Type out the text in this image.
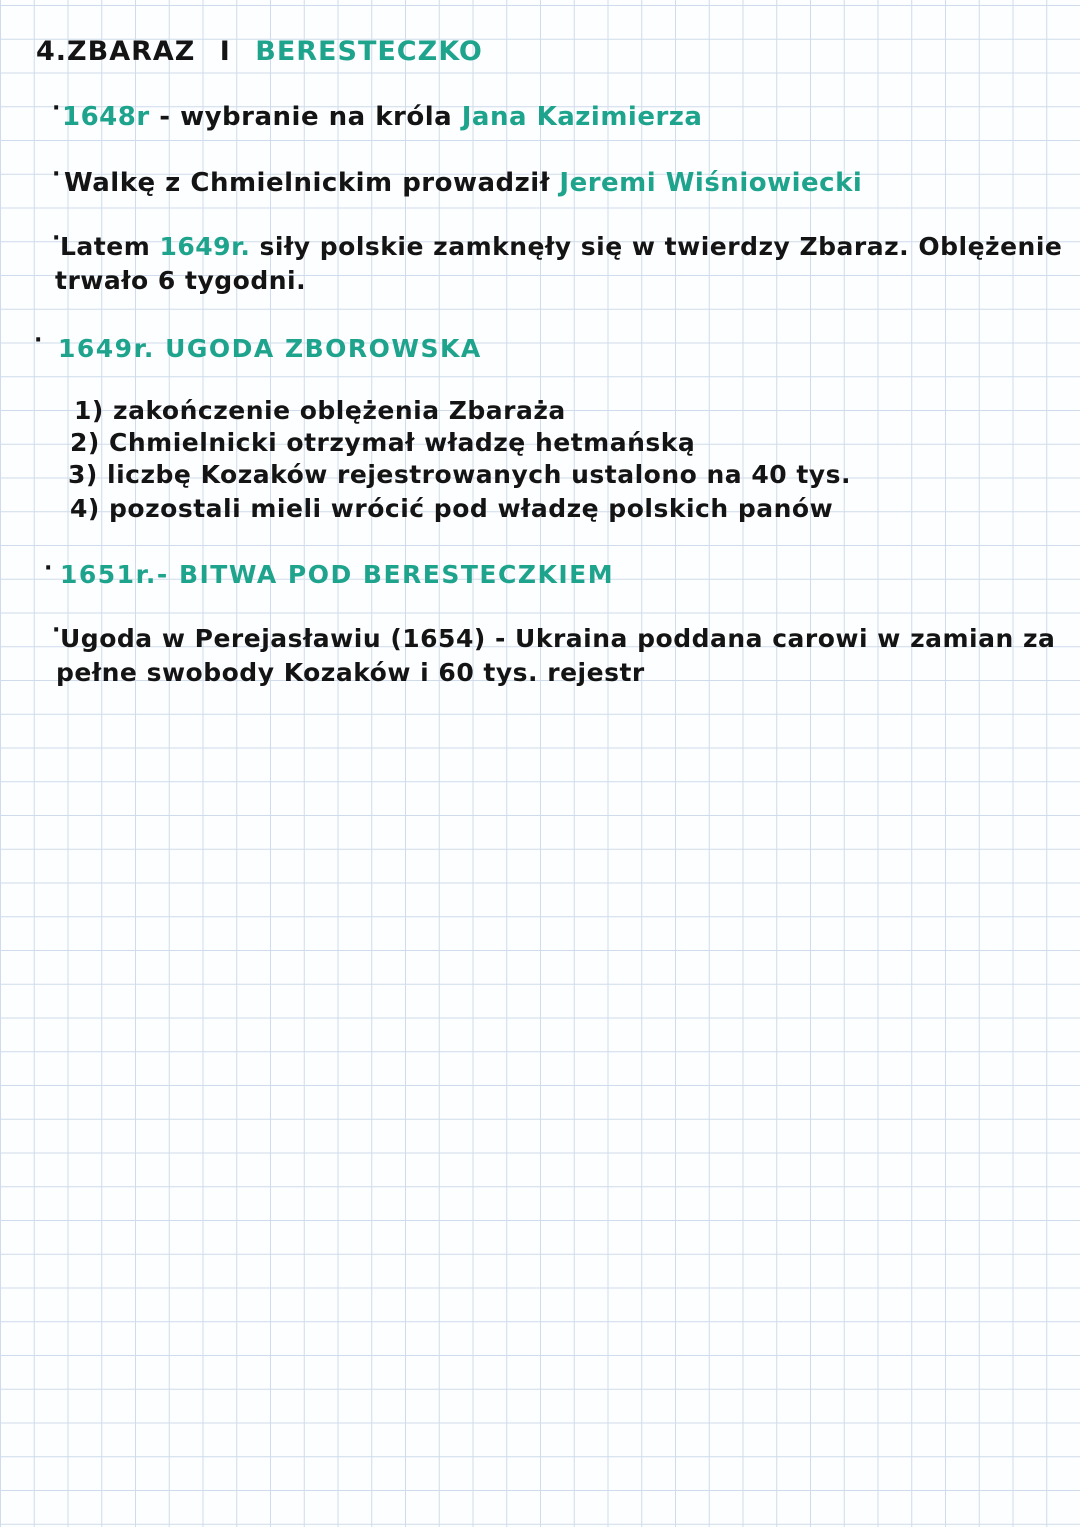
4.ZBARAZ I BERESTECZKO
· 1648r - wybranie na króla Jana Kazimierza
· Walkę z Chmielnickim prowadził Jeremi Wiśniowiecki
· Latem 1649r. siły polskie zamknęły się w twierdzy Zbaraz. Oblężenie
trwało 6 tygodni.
· 1649r. UGODA ZBOROWSKA
1) zakończenie oblężenia Zbaraża
2) Chmielnicki otrzymał władzę hetmańską
3) liczbę Kozaków rejestrowanych ustalono na 40 tys.
4) pozostali mieli wrócić pod władzę polskich panów
· 1651r.- BITWA POD BERESTECZKIEM
· Ugoda w Perejasławiu (1654) - Ukraina poddana carowi w zamian za
pełne swobody Kozaków i 60 tys. rejestr
